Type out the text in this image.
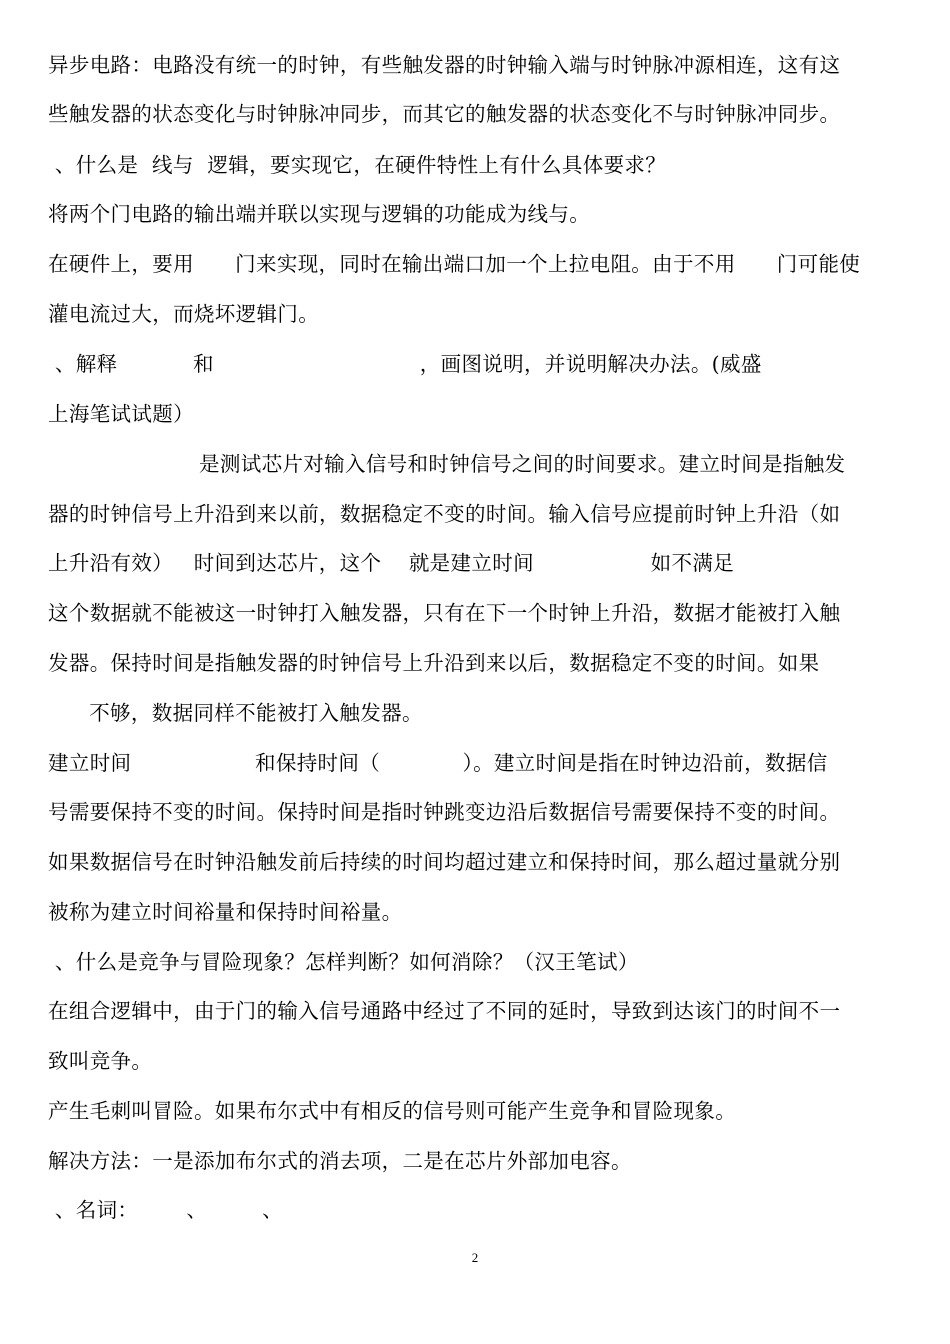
异步电路：电路没有统一的时钟，有些触发器的时钟输入端与时钟脉冲源相连，这有这
些触发器的状态变化与时钟脉冲同步，而其它的触发器的状态变化不与时钟脉冲同步。
、什么是  线与  逻辑，要实现它，在硬件特性上有什么具体要求？
将两个门电路的输出端并联以实现与逻辑的功能成为线与。
在硬件上，要用      门来实现，同时在输出端口加一个上拉电阻。由于不用      门可能使
灌电流过大，而烧坏逻辑门。
、解释           和                              ，画图说明，并说明解决办法。(威盛
上海笔试试题）
是测试芯片对输入信号和时钟信号之间的时间要求。建立时间是指触发
器的时钟信号上升沿到来以前，数据稳定不变的时间。输入信号应提前时钟上升沿（如
上升沿有效）   时间到达芯片，这个    就是建立时间                 如不满足
这个数据就不能被这一时钟打入触发器，只有在下一个时钟上升沿，数据才能被打入触
发器。保持时间是指触发器的时钟信号上升沿到来以后，数据稳定不变的时间。如果
不够，数据同样不能被打入触发器。
建立时间                  和保持时间（            ）。建立时间是指在时钟边沿前，数据信
号需要保持不变的时间。保持时间是指时钟跳变边沿后数据信号需要保持不变的时间。
如果数据信号在时钟沿触发前后持续的时间均超过建立和保持时间，那么超过量就分别
被称为建立时间裕量和保持时间裕量。
、什么是竞争与冒险现象？怎样判断？如何消除？（汉王笔试）
在组合逻辑中，由于门的输入信号通路中经过了不同的延时，导致到达该门的时间不一
致叫竞争。
产生毛刺叫冒险。如果布尔式中有相反的信号则可能产生竞争和冒险现象。
解决方法：一是添加布尔式的消去项，二是在芯片外部加电容。
、名词：       、        、
2
